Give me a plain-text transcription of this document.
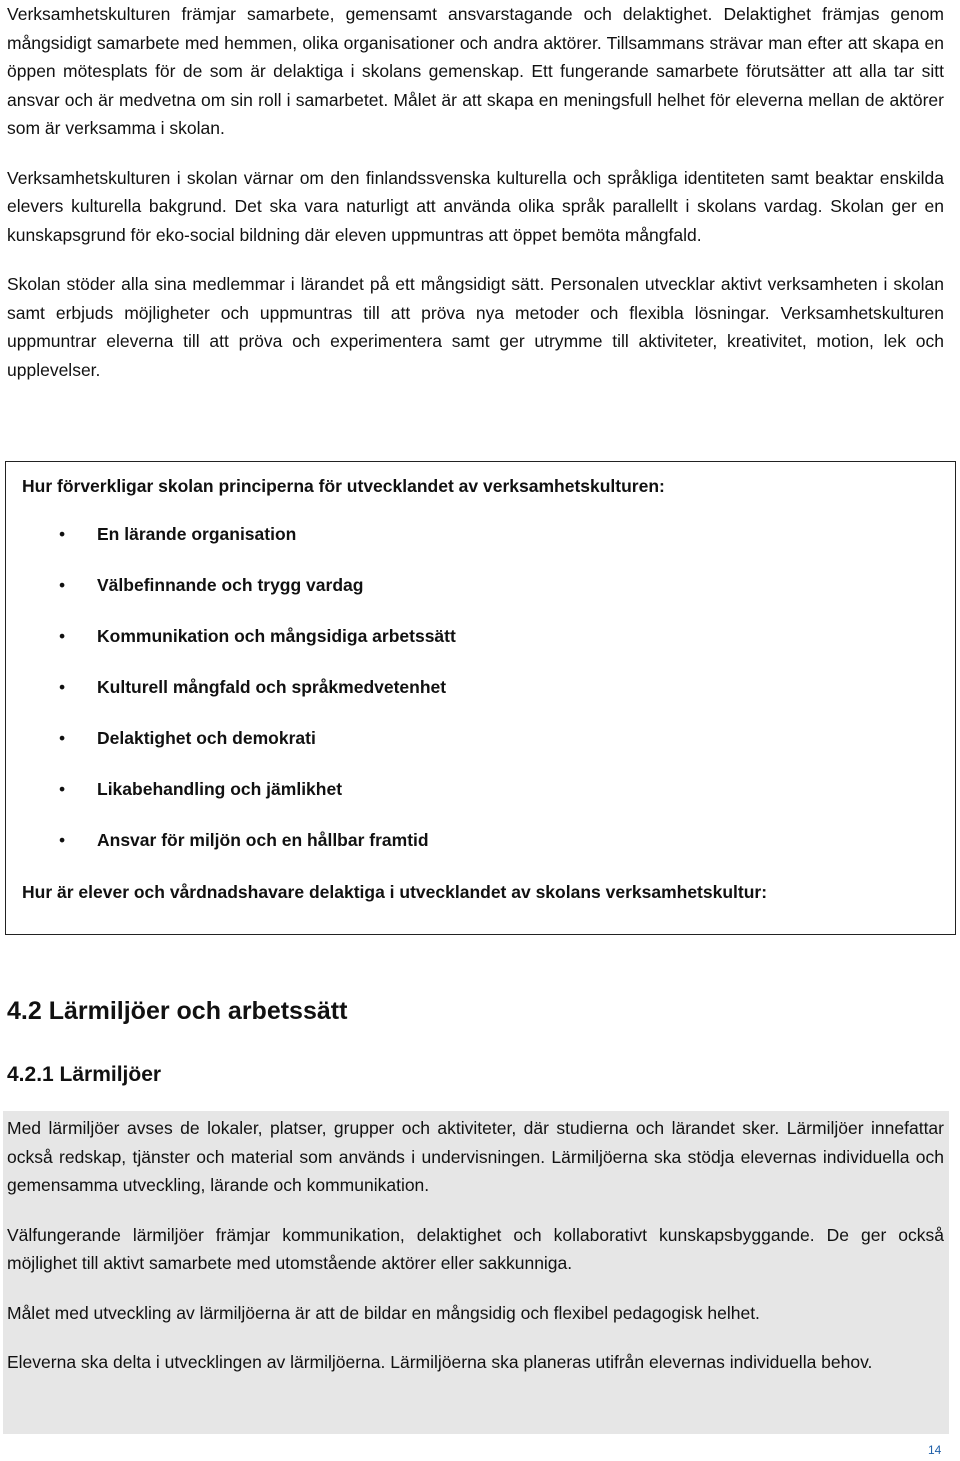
Verksamhetskulturen främjar samarbete, gemensamt ansvarstagande och delaktighet. Delaktighet främjas genom mångsidigt samarbete med hemmen, olika organisationer och andra aktörer. Tillsammans strävar man efter att skapa en öppen mötesplats för de som är delaktiga i skolans gemenskap. Ett fungerande samarbete förutsätter att alla tar sitt ansvar och är medvetna om sin roll i samarbetet. Målet är att skapa en meningsfull helhet för eleverna mellan de aktörer som är verksamma i skolan.

Verksamhetskulturen i skolan värnar om den finlandssvenska kulturella och språkliga identiteten samt beaktar enskilda elevers kulturella bakgrund. Det ska vara naturligt att använda olika språk parallellt i skolans vardag. Skolan ger en kunskapsgrund för eko-social bildning där eleven uppmuntras att öppet bemöta mångfald.

Skolan stöder alla sina medlemmar i lärandet på ett mångsidigt sätt. Personalen utvecklar aktivt verksamheten i skolan samt erbjuds möjligheter och uppmuntras till att pröva nya metoder och flexibla lösningar. Verksamhetskulturen uppmuntrar eleverna till att pröva och experimentera samt ger utrymme till aktiviteter, kreativitet, motion, lek och upplevelser.

Hur förverkligar skolan principerna för utvecklandet av verksamhetskulturen:

• En lärande organisation
• Välbefinnande och trygg vardag
• Kommunikation och mångsidiga arbetssätt
• Kulturell mångfald och språkmedvetenhet
• Delaktighet och demokrati
• Likabehandling och jämlikhet
• Ansvar för miljön och en hållbar framtid

Hur är elever och vårdnadshavare delaktiga i utvecklandet av skolans verksamhetskultur:

4.2 Lärmiljöer och arbetssätt
4.2.1 Lärmiljöer

Med lärmiljöer avses de lokaler, platser, grupper och aktiviteter, där studierna och lärandet sker. Lärmiljöer innefattar också redskap, tjänster och material som används i undervisningen. Lärmiljöerna ska stödja elevernas individuella och gemensamma utveckling, lärande och kommunikation.

Välfungerande lärmiljöer främjar kommunikation, delaktighet och kollaborativt kunskapsbyggande. De ger också möjlighet till aktivt samarbete med utomstående aktörer eller sakkunniga.

Målet med utveckling av lärmiljöerna är att de bildar en mångsidig och flexibel pedagogisk helhet.

Eleverna ska delta i utvecklingen av lärmiljöerna. Lärmiljöerna ska planeras utifrån elevernas individuella behov.

14
